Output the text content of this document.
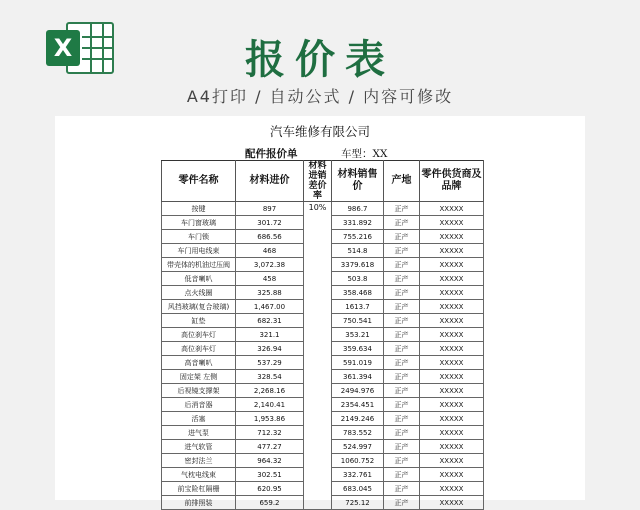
X	报价表
A4打印 / 自动公式 / 内容可修改
汽车维修有限公司
配件报价单	车型：XX
零件名称	材料进价	材料进销差价率	材料销售价	产地	零件供货商及品牌
按键	897	10%	986.7	正产	XXXXX
车门窗玻璃	301.72		331.892	正产	XXXXX
车门锁	686.56		755.216	正产	XXXXX
车门用电线束	468		514.8	正产	XXXXX
带壳体的机油过压阀	3,072.38		3379.618	正产	XXXXX
低音喇叭	458		503.8	正产	XXXXX
点火线圈	325.88		358.468	正产	XXXXX
风挡玻璃(复合玻璃)	1,467.00		1613.7	正产	XXXXX
缸垫	682.31		750.541	正产	XXXXX
高位刹车灯	321.1		353.21	正产	XXXXX
高位刹车灯	326.94		359.634	正产	XXXXX
高音喇叭	537.29		591.019	正产	XXXXX
固定架 左侧	328.54		361.394	正产	XXXXX
后视镜支撑架	2,268.16		2494.976	正产	XXXXX
后消音器	2,140.41		2354.451	正产	XXXXX
活塞	1,953.86		2149.246	正产	XXXXX
进气泵	712.32		783.552	正产	XXXXX
进气软管	477.27		524.997	正产	XXXXX
密封法兰	964.32		1060.752	正产	XXXXX
气枕电线束	302.51		332.761	正产	XXXXX
前宝险杠隔栅	620.95		683.045	正产	XXXXX
前排照装	659.2		725.12	正产	XXXXX
